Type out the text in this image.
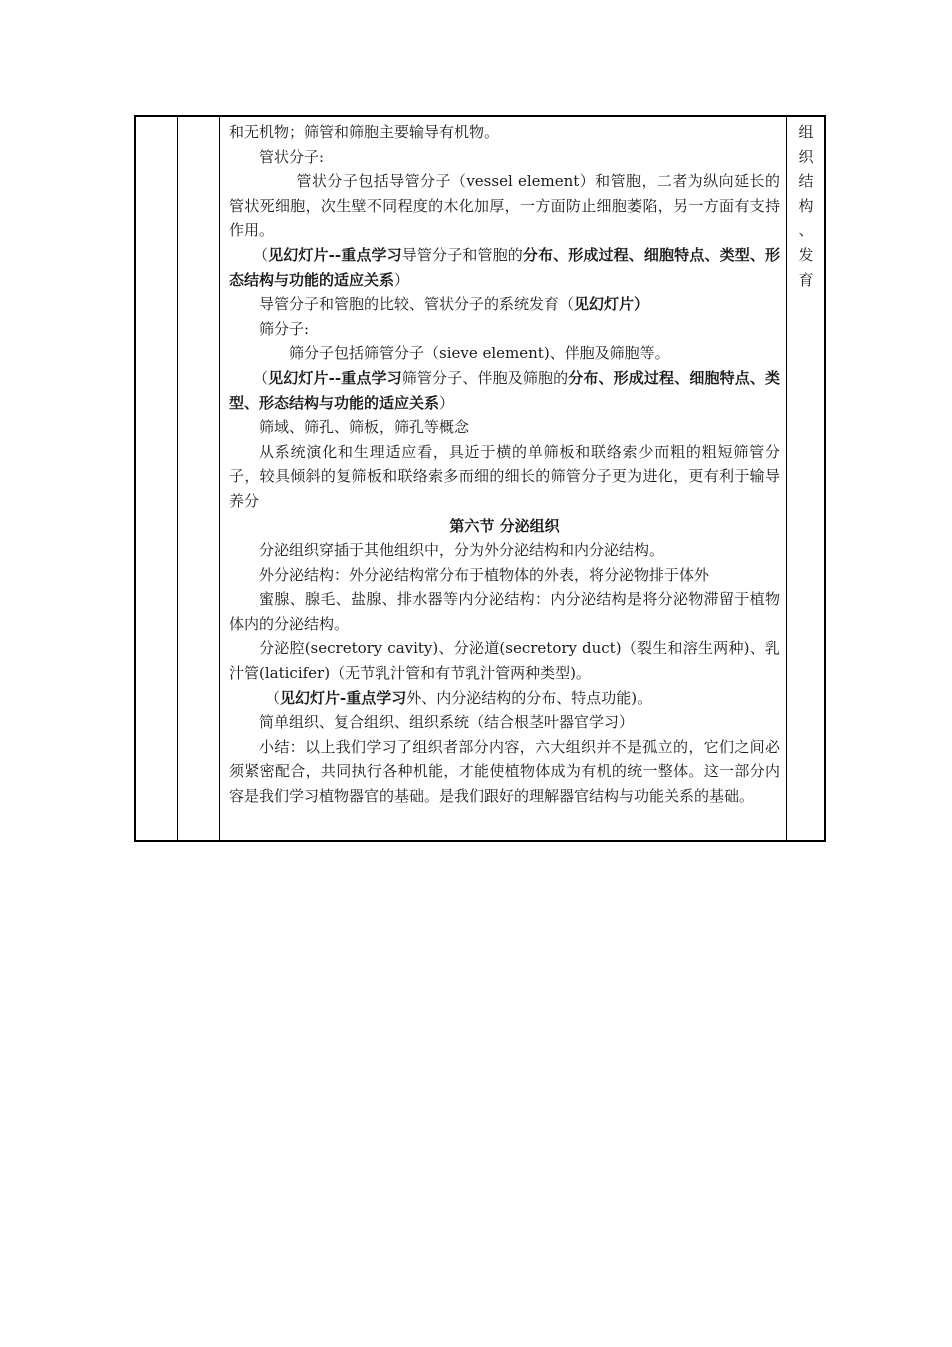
和无机物；筛管和筛胞主要输导有机物。

管状分子:

管状分子包括导管分子（vessel element）和管胞，二者为纵向延长的管状死细胞，次生壁不同程度的木化加厚，一方面防止细胞萎陷，另一方面有支持作用。

（见幻灯片--重点学习导管分子和管胞的分布、形成过程、细胞特点、类型、形态结构与功能的适应关系）

导管分子和管胞的比较、管状分子的系统发育（见幻灯片）

筛分子:

筛分子包括筛管分子（sieve element)、伴胞及筛胞等。

（见幻灯片--重点学习筛管分子、伴胞及筛胞的分布、形成过程、细胞特点、类型、形态结构与功能的适应关系）

筛域、筛孔、筛板，筛孔等概念

从系统演化和生理适应看，具近于横的单筛板和联络索少而粗的粗短筛管分子，较具倾斜的复筛板和联络索多而细的细长的筛管分子更为进化，更有利于输导养分

第六节 分泌组织

分泌组织穿插于其他组织中，分为外分泌结构和内分泌结构。

外分泌结构：外分泌结构常分布于植物体的外表，将分泌物排于体外

蜜腺、腺毛、盐腺、排水器等内分泌结构：内分泌结构是将分泌物滞留于植物体内的分泌结构。

分泌腔(secretory cavity)、分泌道(secretory duct)（裂生和溶生两种)、乳汁管(laticifer)（无节乳汁管和有节乳汁管两种类型)。

（见幻灯片-重点学习外、内分泌结构的分布、特点功能)。

简单组织、复合组织、组织系统（结合根茎叶器官学习）

小结：以上我们学习了组织者部分内容，六大组织并不是孤立的，它们之间必须紧密配合，共同执行各种机能，才能使植物体成为有机的统一整体。这一部分内容是我们学习植物器官的基础。是我们跟好的理解器官结构与功能关系的基础。

组
织
结
构
、
发
育
